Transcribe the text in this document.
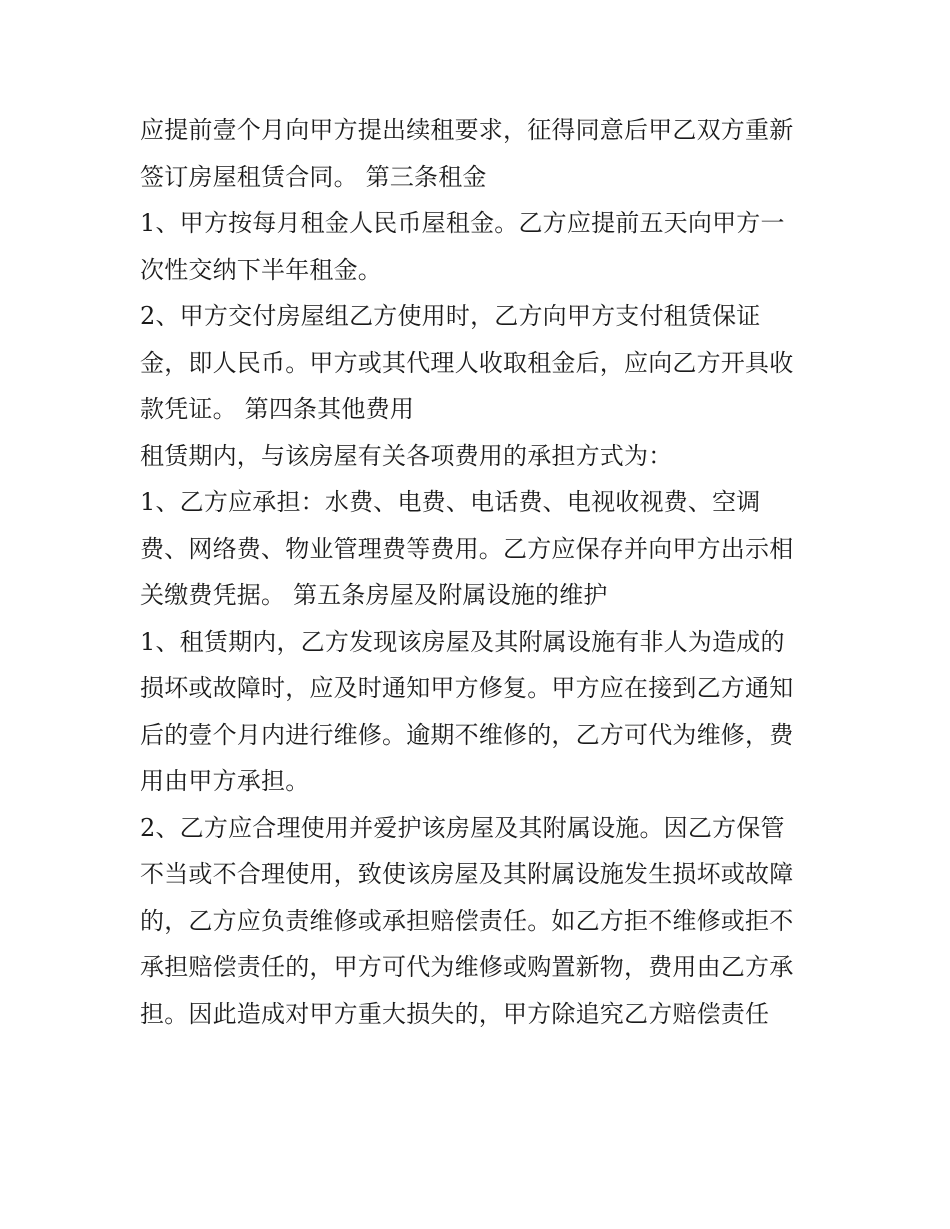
应提前壹个月向甲方提出续租要求，征得同意后甲乙双方重新
签订房屋租赁合同。 第三条租金
1、甲方按每月租金人民币屋租金。乙方应提前五天向甲方一
次性交纳下半年租金。
2、甲方交付房屋组乙方使用时，乙方向甲方支付租赁保证
金，即人民币。甲方或其代理人收取租金后，应向乙方开具收
款凭证。 第四条其他费用
租赁期内，与该房屋有关各项费用的承担方式为：
1、乙方应承担：水费、电费、电话费、电视收视费、空调
费、网络费、物业管理费等费用。乙方应保存并向甲方出示相
关缴费凭据。 第五条房屋及附属设施的维护
1、租赁期内，乙方发现该房屋及其附属设施有非人为造成的
损坏或故障时，应及时通知甲方修复。甲方应在接到乙方通知
后的壹个月内进行维修。逾期不维修的，乙方可代为维修，费
用由甲方承担。
2、乙方应合理使用并爱护该房屋及其附属设施。因乙方保管
不当或不合理使用，致使该房屋及其附属设施发生损坏或故障
的，乙方应负责维修或承担赔偿责任。如乙方拒不维修或拒不
承担赔偿责任的，甲方可代为维修或购置新物，费用由乙方承
担。因此造成对甲方重大损失的，甲方除追究乙方赔偿责任
